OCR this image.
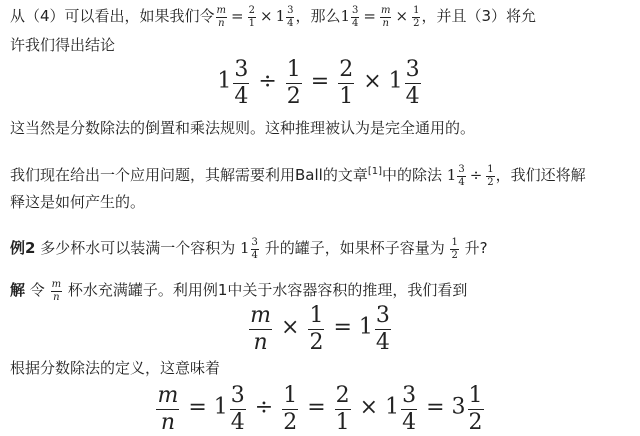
从（4）可以看出，如果我们令 $\frac{m}{n} = \frac{2}{1} \times 1 \frac{3}{4}$ ，那么$1 \frac{3}{4} = \frac{m}{n} \times \frac{1}{2}$ ，并且（3）将允
许我们得出结论
$1 \frac{3}{4} \div \frac{1}{2} = \frac{2}{1} \times 1 \frac{3}{4}$
这当然是分数除法的倒置和乘法规则。这种推理被认为是完全通用的。
我们现在给出一个应用问题，其解需要利用Ball的文章[1]中的除法 $1 \frac{3}{4} \div \frac{1}{2}$ ，我们还将解
释这是如何产生的。
例2 多少杯水可以装满一个容积为 $1 \frac{3}{4}$ 升的罐子，如果杯子容量为 $\frac{1}{2}$ 升?
解 令 $\frac{m}{n}$ 杯水充满罐子。利用例1中关于水容器容积的推理，我们看到
$\frac{m}{n} \times \frac{1}{2} = 1 \frac{3}{4}$
根据分数除法的定义，这意味着
$\frac{m}{n} = 1 \frac{3}{4} \div \frac{1}{2} = \frac{2}{1} \times 1 \frac{3}{4} = 3 \frac{1}{2}$
